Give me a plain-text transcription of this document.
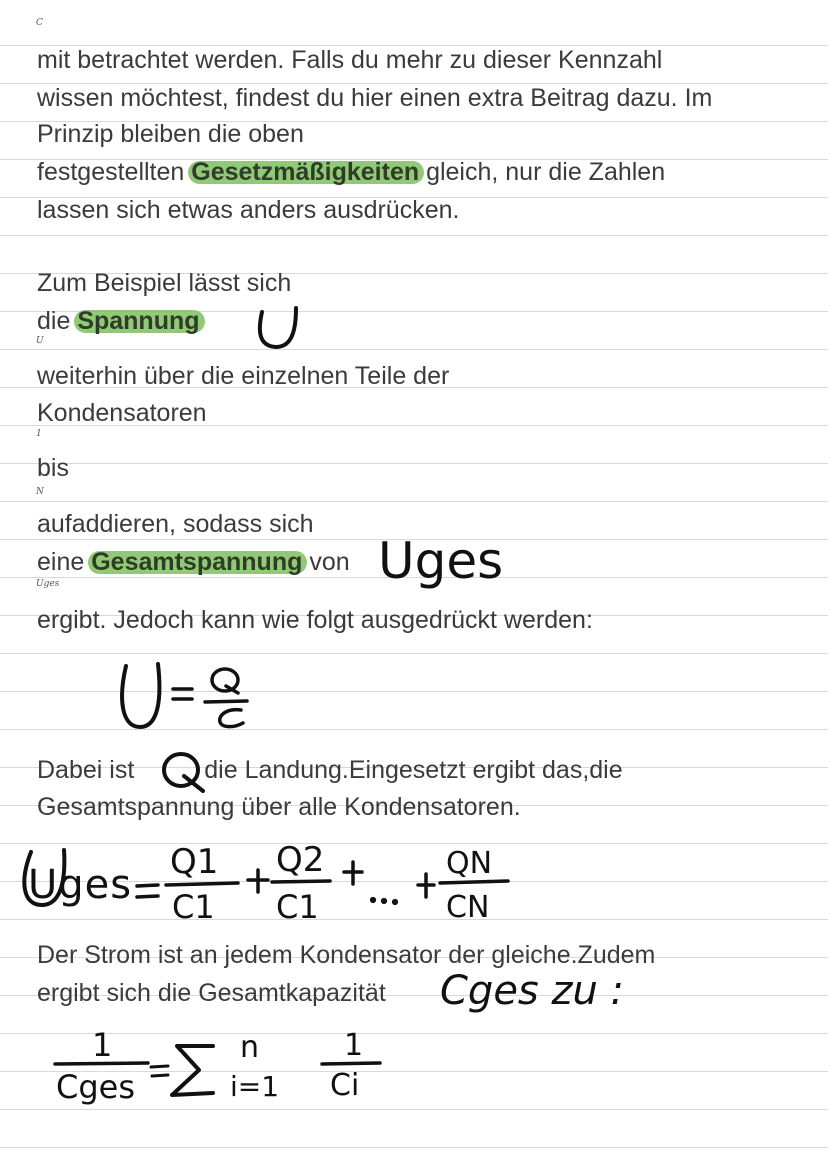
C
U
1
N
Uges
mit betrachtet werden. Falls du mehr zu dieser Kennzahl
wissen möchtest, findest du hier einen extra Beitrag dazu. Im
Prinzip bleiben die oben
festgestellten Gesetzmäßigkeiten gleich, nur die Zahlen
lassen sich etwas anders ausdrücken.
Zum Beispiel lässt sich
die Spannung
weiterhin über die einzelnen Teile der
Kondensatoren
bis
aufaddieren, sodass sich
eine Gesamtspannung von
ergibt. Jedoch kann wie folgt ausgedrückt werden:
Dabei ist	die Landung.Eingesetzt ergibt das,die
Gesamtspannung über alle Kondensatoren.
Der Strom ist an jedem Kondensator der gleiche.Zudem
ergibt sich die Gesamtkapazität
Uges
Uges Q1
C1
Q2
C1
QN
CN
Cges zu :
1
Cges
n
i=1
1
Ci
